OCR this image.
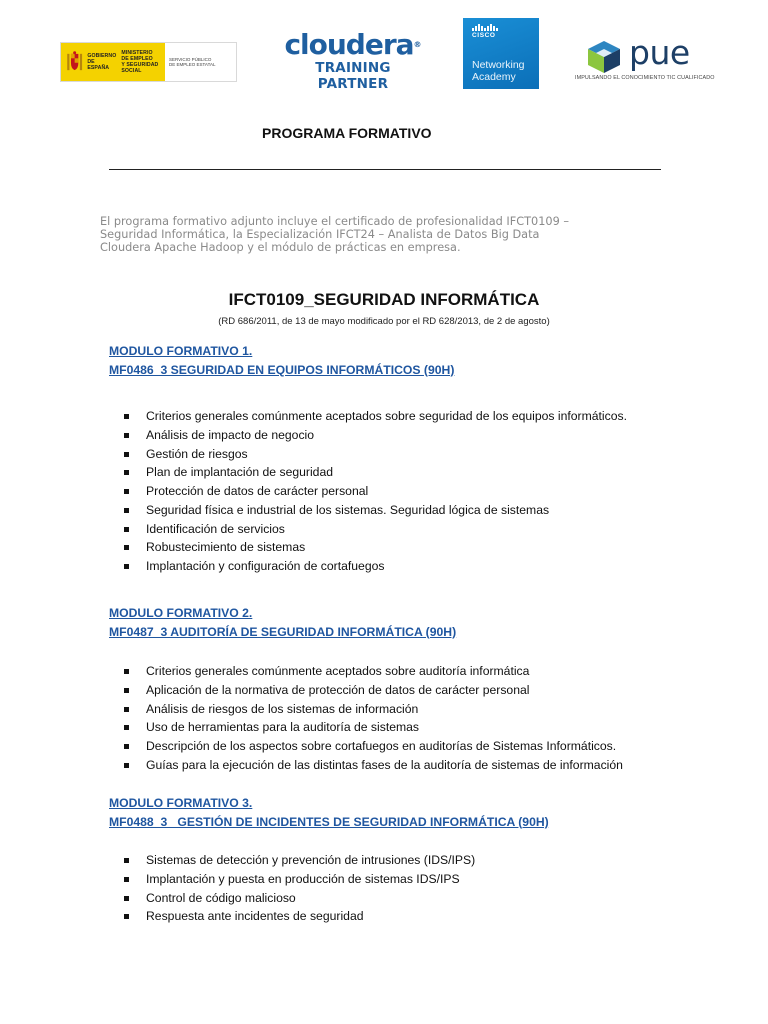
GOBIERNO
DE ESPAÑA
MINISTERIO
DE EMPLEO
Y SEGURIDAD SOCIAL
SERVICIO PÚBLICO
DE EMPLEO ESTATAL
cloudera®
TRAINING PARTNER
CISCO
Networking
Academy
pue
IMPULSANDO EL CONOCIMIENTO TIC CUALIFICADO
PROGRAMA FORMATIVO
El programa formativo adjunto incluye el certificado de profesionalidad IFCT0109 –
Seguridad Informática, la Especialización IFCT24 – Analista de Datos Big Data
Cloudera Apache Hadoop y el módulo de prácticas en empresa.
IFCT0109_SEGURIDAD INFORMÁTICA
(RD 686/2011, de 13 de mayo modificado por el RD 628/2013, de 2 de agosto)
MODULO FORMATIVO 1.
MF0486_3 SEGURIDAD EN EQUIPOS INFORMÁTICOS (90H)
Criterios generales comúnmente aceptados sobre seguridad de los equipos informáticos.
Análisis de impacto de negocio
Gestión de riesgos
Plan de implantación de seguridad
Protección de datos de carácter personal
Seguridad física e industrial de los sistemas. Seguridad lógica de sistemas
Identificación de servicios
Robustecimiento de sistemas
Implantación y configuración de cortafuegos
MODULO FORMATIVO 2.
MF0487_3 AUDITORÍA DE SEGURIDAD INFORMÁTICA (90H)
Criterios generales comúnmente aceptados sobre auditoría informática
Aplicación de la normativa de protección de datos de carácter personal
Análisis de riesgos de los sistemas de información
Uso de herramientas para la auditoría de sistemas
Descripción de los aspectos sobre cortafuegos en auditorías de Sistemas Informáticos.
Guías para la ejecución de las distintas fases de la auditoría de sistemas de información
MODULO FORMATIVO 3.
MF0488_3   GESTIÓN DE INCIDENTES DE SEGURIDAD INFORMÁTICA (90H)
Sistemas de detección y prevención de intrusiones (IDS/IPS)
Implantación y puesta en producción de sistemas IDS/IPS
Control de código malicioso
Respuesta ante incidentes de seguridad
